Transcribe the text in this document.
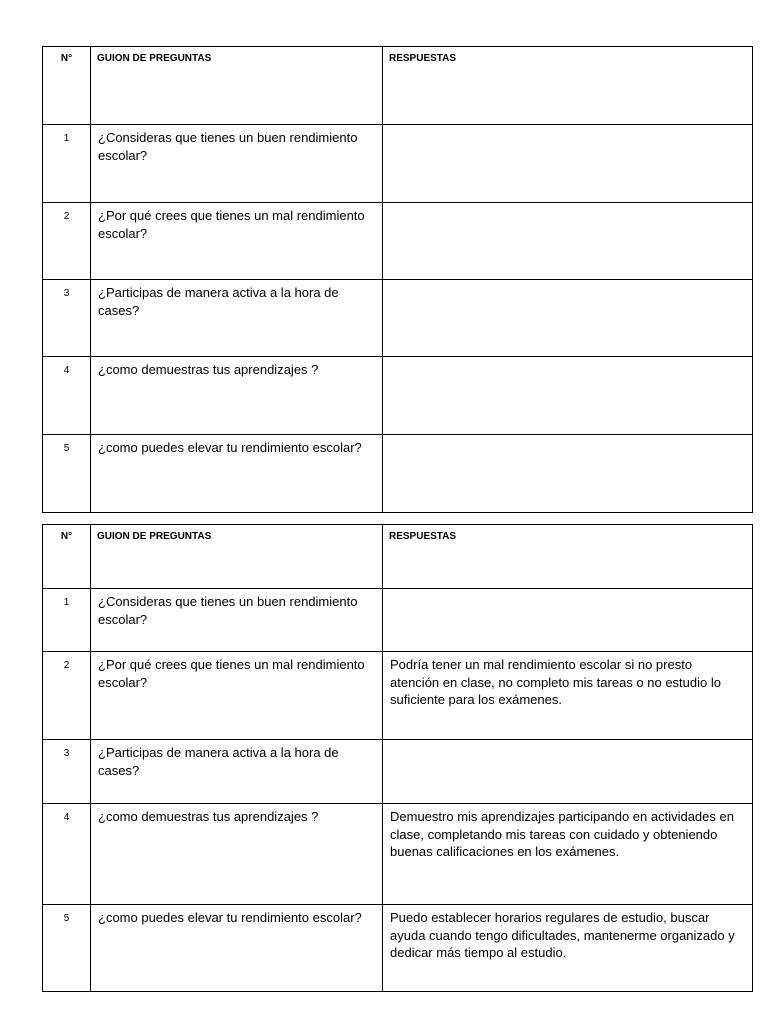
N°	GUION DE PREGUNTAS	RESPUESTAS
1	¿Consideras que tienes un buen rendimiento escolar?	
2	¿Por qué crees que tienes un mal rendimiento escolar?	
3	¿Participas de manera activa a la hora de cases?	
4	¿como demuestras tus aprendizajes ?	
5	¿como puedes elevar tu rendimiento escolar?	
N°	GUION DE PREGUNTAS	RESPUESTAS
1	¿Consideras que tienes un buen rendimiento escolar?	
2	¿Por qué crees que tienes un mal rendimiento escolar?	Podría tener un mal rendimiento escolar si no presto atención en clase, no completo mis tareas o no estudio lo suficiente para los exámenes.
3	¿Participas de manera activa a la hora de cases?	
4	¿como demuestras tus aprendizajes ?	Demuestro mis aprendizajes participando en actividades en clase, completando mis tareas con cuidado y obteniendo buenas calificaciones en los exámenes.
5	¿como puedes elevar tu rendimiento escolar?	Puedo establecer horarios regulares de estudio, buscar ayuda cuando tengo dificultades, mantenerme organizado y dedicar más tiempo al estudio.
